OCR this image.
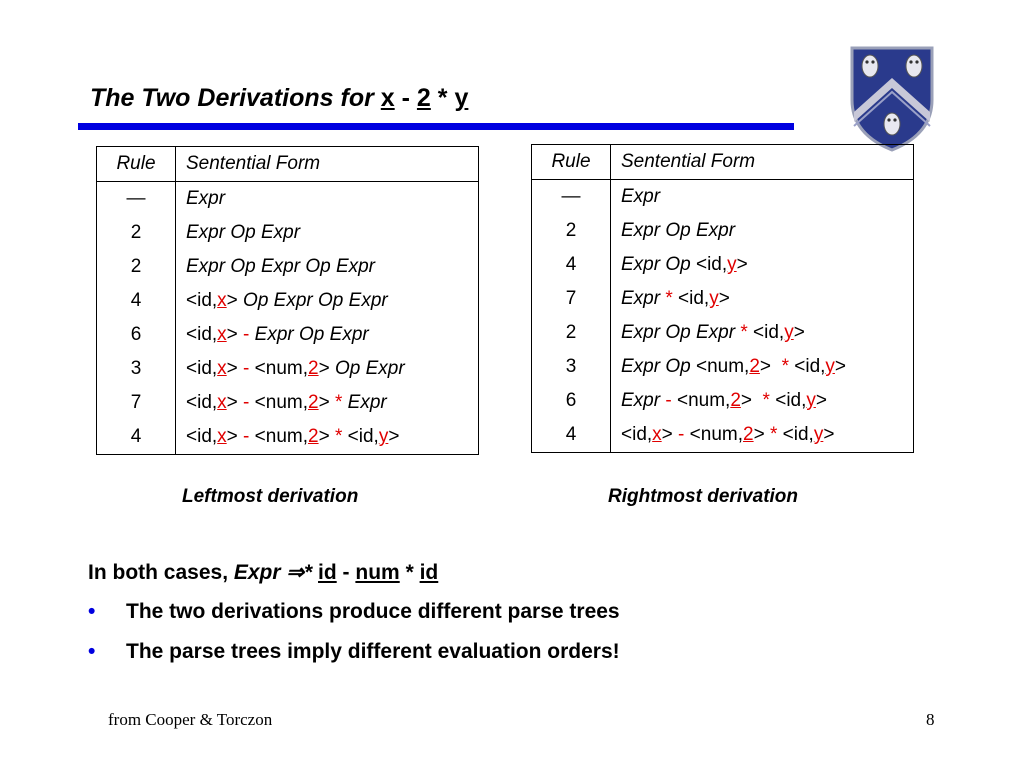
The Two Derivations for x - 2 * y
Rule	Sentential Form
—	Expr
2	Expr Op Expr
2	Expr Op Expr Op Expr
4	<id,x> Op Expr Op Expr
6	<id,x> - Expr Op Expr
3	<id,x> - <num,2> Op Expr
7	<id,x> - <num,2> * Expr
4	<id,x> - <num,2> * <id,y>
Rule	Sentential Form
—	Expr
2	Expr Op Expr
4	Expr Op <id,y>
7	Expr * <id,y>
2	Expr Op Expr * <id,y>
3	Expr Op <num,2>  * <id,y>
6	Expr - <num,2>  * <id,y>
4	<id,x> - <num,2> * <id,y>
Leftmost derivation	Rightmost derivation
In both cases, Expr ⇒* id - num * id
• The two derivations produce different parse trees
• The parse trees imply different evaluation orders!
from Cooper & Torczon	8
